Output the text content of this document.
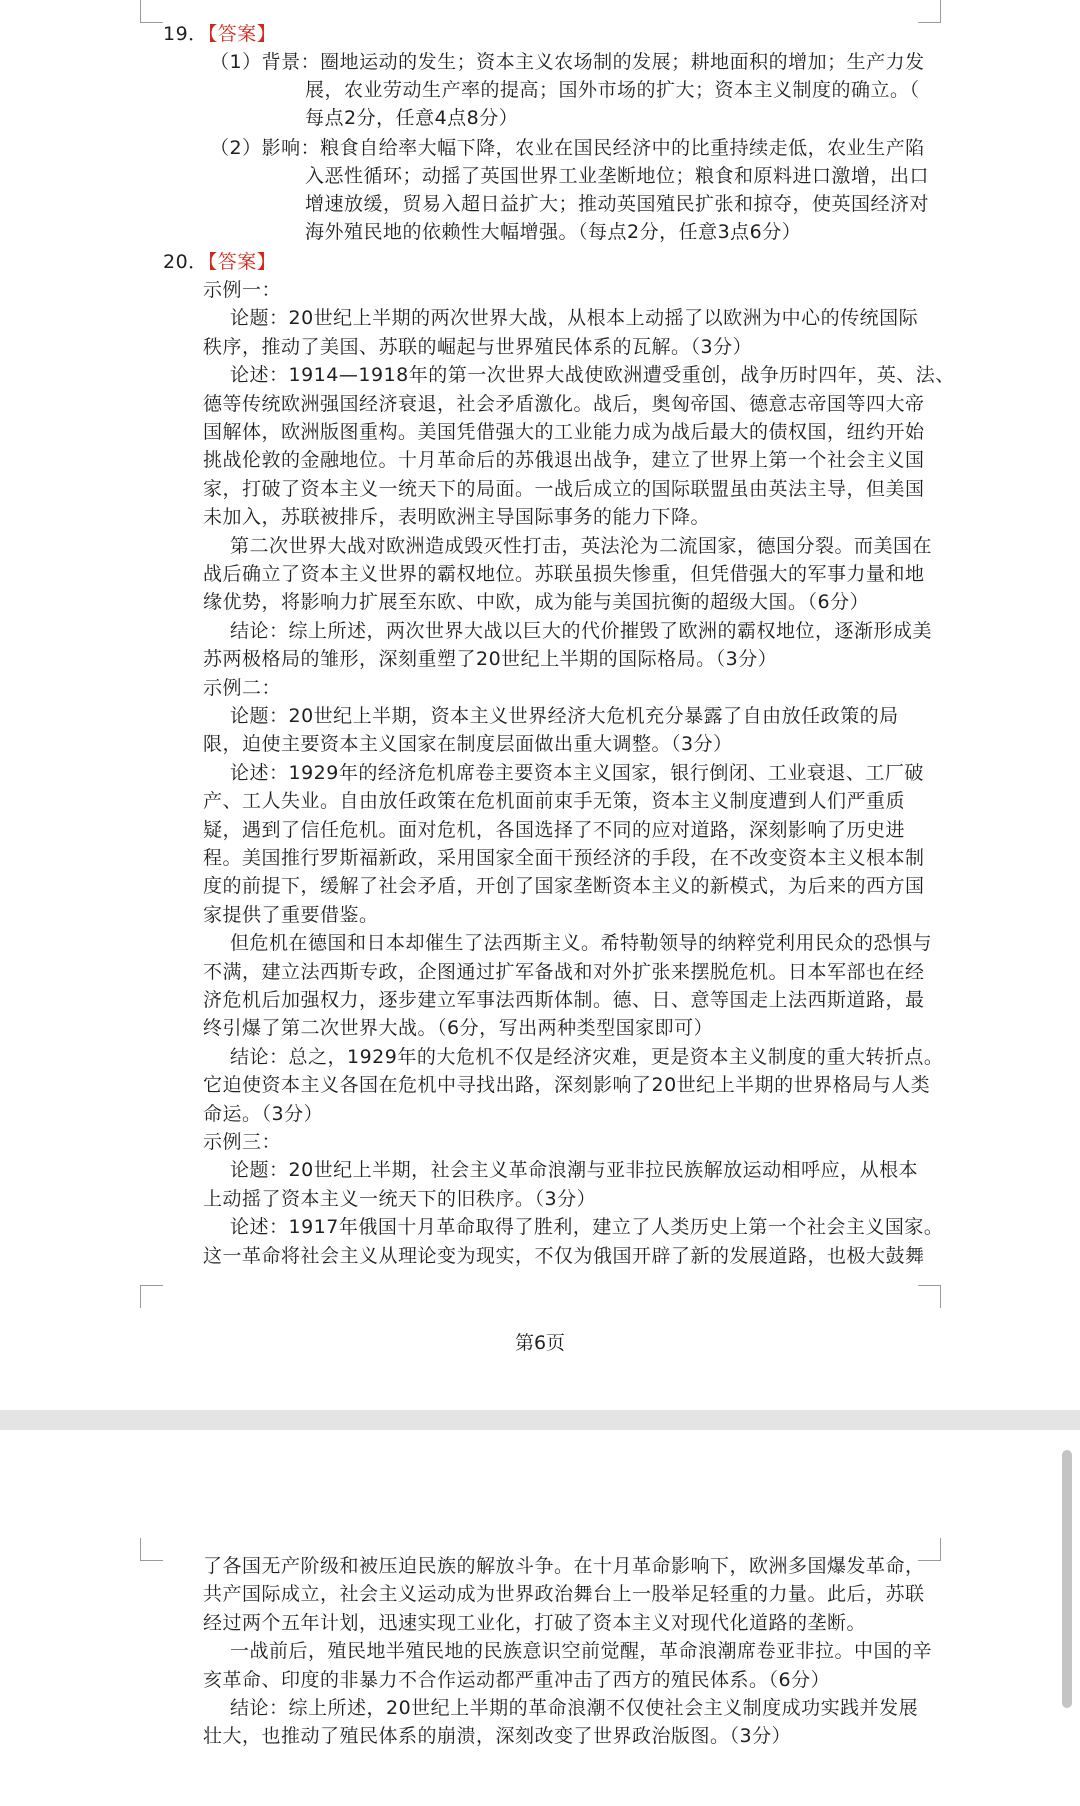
19．【答案】
（1）背景：圈地运动的发生；资本主义农场制的发展；耕地面积的增加；生产力发
展，农业劳动生产率的提高；国外市场的扩大；资本主义制度的确立。（
每点2分，任意4点8分）
（2）影响：粮食自给率大幅下降，农业在国民经济中的比重持续走低，农业生产陷
入恶性循环；动摇了英国世界工业垄断地位；粮食和原料进口激增，出口
增速放缓，贸易入超日益扩大；推动英国殖民扩张和掠夺，使英国经济对
海外殖民地的依赖性大幅增强。（每点2分，任意3点6分）
20．【答案】
示例一：
论题：20世纪上半期的两次世界大战，从根本上动摇了以欧洲为中心的传统国际
秩序，推动了美国、苏联的崛起与世界殖民体系的瓦解。（3分）
论述：1914—1918年的第一次世界大战使欧洲遭受重创，战争历时四年，英、法、
德等传统欧洲强国经济衰退，社会矛盾激化。战后，奥匈帝国、德意志帝国等四大帝
国解体，欧洲版图重构。美国凭借强大的工业能力成为战后最大的债权国，纽约开始
挑战伦敦的金融地位。十月革命后的苏俄退出战争，建立了世界上第一个社会主义国
家，打破了资本主义一统天下的局面。一战后成立的国际联盟虽由英法主导，但美国
未加入，苏联被排斥，表明欧洲主导国际事务的能力下降。
第二次世界大战对欧洲造成毁灭性打击，英法沦为二流国家，德国分裂。而美国在
战后确立了资本主义世界的霸权地位。苏联虽损失惨重，但凭借强大的军事力量和地
缘优势，将影响力扩展至东欧、中欧，成为能与美国抗衡的超级大国。（6分）
结论：综上所述，两次世界大战以巨大的代价摧毁了欧洲的霸权地位，逐渐形成美
苏两极格局的雏形，深刻重塑了20世纪上半期的国际格局。（3分）
示例二：
论题：20世纪上半期，资本主义世界经济大危机充分暴露了自由放任政策的局
限，迫使主要资本主义国家在制度层面做出重大调整。（3分）
论述：1929年的经济危机席卷主要资本主义国家，银行倒闭、工业衰退、工厂破
产、工人失业。自由放任政策在危机面前束手无策，资本主义制度遭到人们严重质
疑，遇到了信任危机。面对危机，各国选择了不同的应对道路，深刻影响了历史进
程。美国推行罗斯福新政，采用国家全面干预经济的手段，在不改变资本主义根本制
度的前提下，缓解了社会矛盾，开创了国家垄断资本主义的新模式，为后来的西方国
家提供了重要借鉴。
但危机在德国和日本却催生了法西斯主义。希特勒领导的纳粹党利用民众的恐惧与
不满，建立法西斯专政，企图通过扩军备战和对外扩张来摆脱危机。日本军部也在经
济危机后加强权力，逐步建立军事法西斯体制。德、日、意等国走上法西斯道路，最
终引爆了第二次世界大战。（6分，写出两种类型国家即可）
结论：总之，1929年的大危机不仅是经济灾难，更是资本主义制度的重大转折点。
它迫使资本主义各国在危机中寻找出路，深刻影响了20世纪上半期的世界格局与人类
命运。（3分）
示例三：
论题：20世纪上半期，社会主义革命浪潮与亚非拉民族解放运动相呼应，从根本
上动摇了资本主义一统天下的旧秩序。（3分）
论述：1917年俄国十月革命取得了胜利，建立了人类历史上第一个社会主义国家。
这一革命将社会主义从理论变为现实，不仅为俄国开辟了新的发展道路，也极大鼓舞
第6页
了各国无产阶级和被压迫民族的解放斗争。在十月革命影响下，欧洲多国爆发革命，
共产国际成立，社会主义运动成为世界政治舞台上一股举足轻重的力量。此后，苏联
经过两个五年计划，迅速实现工业化，打破了资本主义对现代化道路的垄断。
一战前后，殖民地半殖民地的民族意识空前觉醒，革命浪潮席卷亚非拉。中国的辛
亥革命、印度的非暴力不合作运动都严重冲击了西方的殖民体系。（6分）
结论：综上所述，20世纪上半期的革命浪潮不仅使社会主义制度成功实践并发展
壮大，也推动了殖民体系的崩溃，深刻改变了世界政治版图。（3分）
